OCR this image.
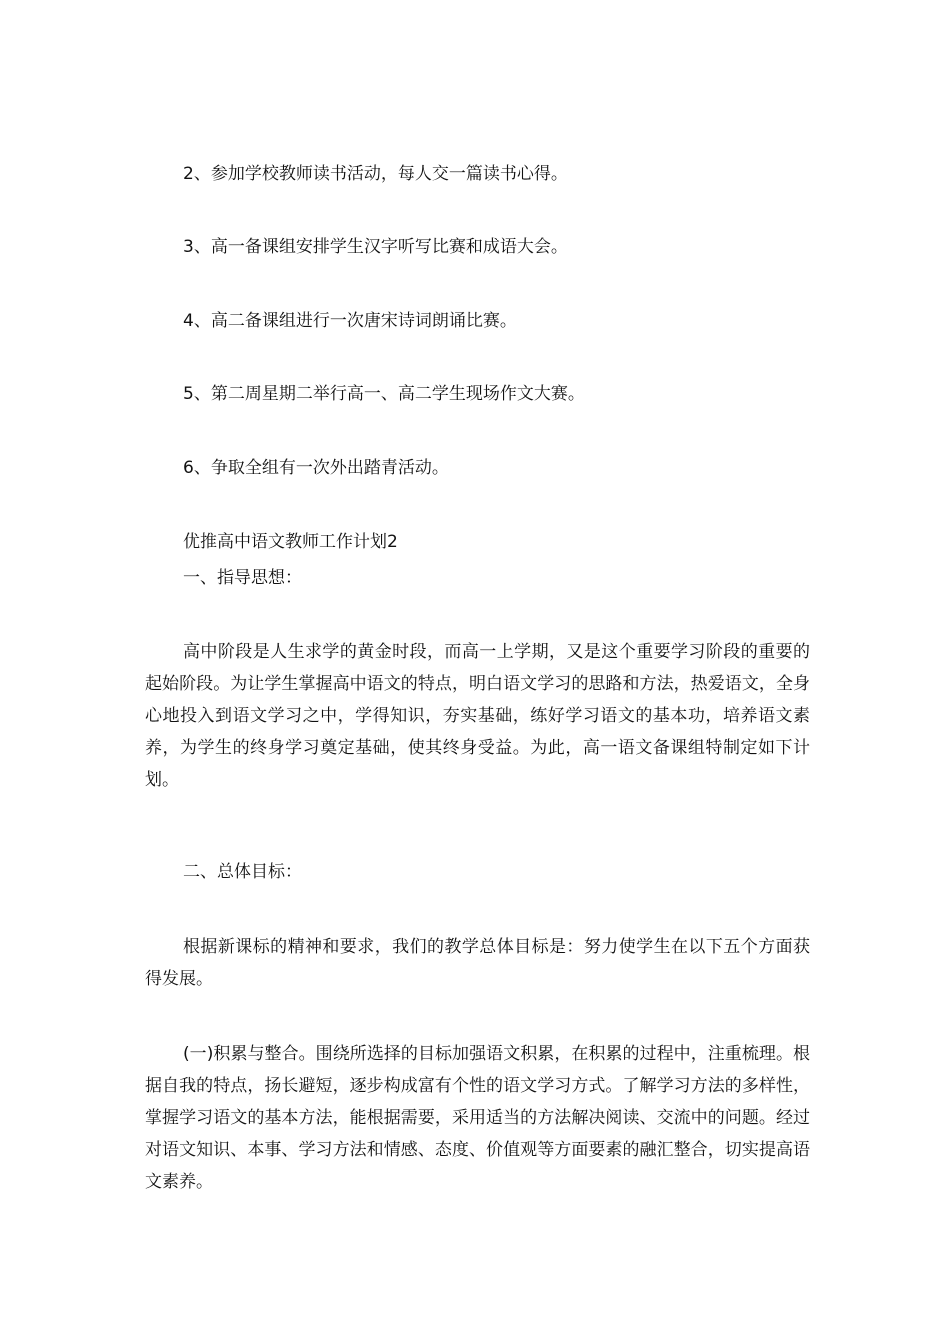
2、参加学校教师读书活动，每人交一篇读书心得。
3、高一备课组安排学生汉字听写比赛和成语大会。
4、高二备课组进行一次唐宋诗词朗诵比赛。
5、第二周星期二举行高一、高二学生现场作文大赛。
6、争取全组有一次外出踏青活动。
优推高中语文教师工作计划2
一、指导思想：

高中阶段是人生求学的黄金时段，而高一上学期，又是这个重要学习阶段的重要的起始阶段。为让学生掌握高中语文的特点，明白语文学习的思路和方法，热爱语文，全身心地投入到语文学习之中，学得知识，夯实基础，练好学习语文的基本功，培养语文素养，为学生的终身学习奠定基础，使其终身受益。为此，高一语文备课组特制定如下计划。

二、总体目标：

根据新课标的精神和要求，我们的教学总体目标是：努力使学生在以下五个方面获得发展。

(一)积累与整合。围绕所选择的目标加强语文积累，在积累的过程中，注重梳理。根据自我的特点，扬长避短，逐步构成富有个性的语文学习方式。了解学习方法的多样性，掌握学习语文的基本方法，能根据需要，采用适当的方法解决阅读、交流中的问题。经过对语文知识、本事、学习方法和情感、态度、价值观等方面要素的融汇整合，切实提高语文素养。
